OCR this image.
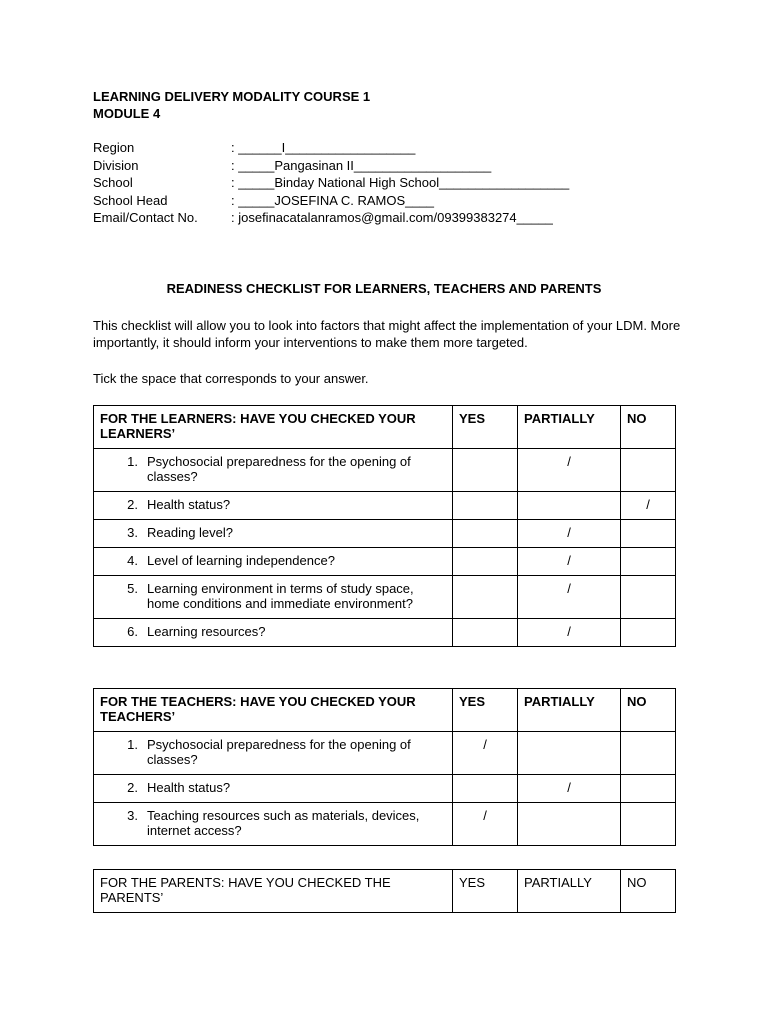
LEARNING DELIVERY MODALITY COURSE 1
MODULE 4
Region	: ______I__________________
Division	: _____Pangasinan II___________________
School	: _____Binday National High School__________________
School Head	: _____JOSEFINA C. RAMOS____
Email/Contact No.	: josefinacatalanramos@gmail.com/09399383274_____
READINESS CHECKLIST FOR LEARNERS, TEACHERS AND PARENTS
This checklist will allow you to look into factors that might affect the implementation of your LDM. More importantly, it should inform your interventions to make them more targeted.
Tick the space that corresponds to your answer.
FOR THE LEARNERS: HAVE YOU CHECKED YOUR LEARNERS’	YES	PARTIALLY	NO

1. Psychosocial preparedness for the opening of classes?		/	

2. Health status?			/

3. Reading level?		/	

4. Level of learning independence?		/	

5. Learning environment in terms of study space, home conditions and immediate environment?		/	

6. Learning resources?		/	
FOR THE TEACHERS: HAVE YOU CHECKED YOUR TEACHERS’	YES	PARTIALLY	NO

1. Psychosocial preparedness for the opening of classes?	/		

2. Health status?		/	

3. Teaching resources such as materials, devices, internet access?	/		
FOR THE PARENTS: HAVE YOU CHECKED THE PARENTS’	YES	PARTIALLY	NO
